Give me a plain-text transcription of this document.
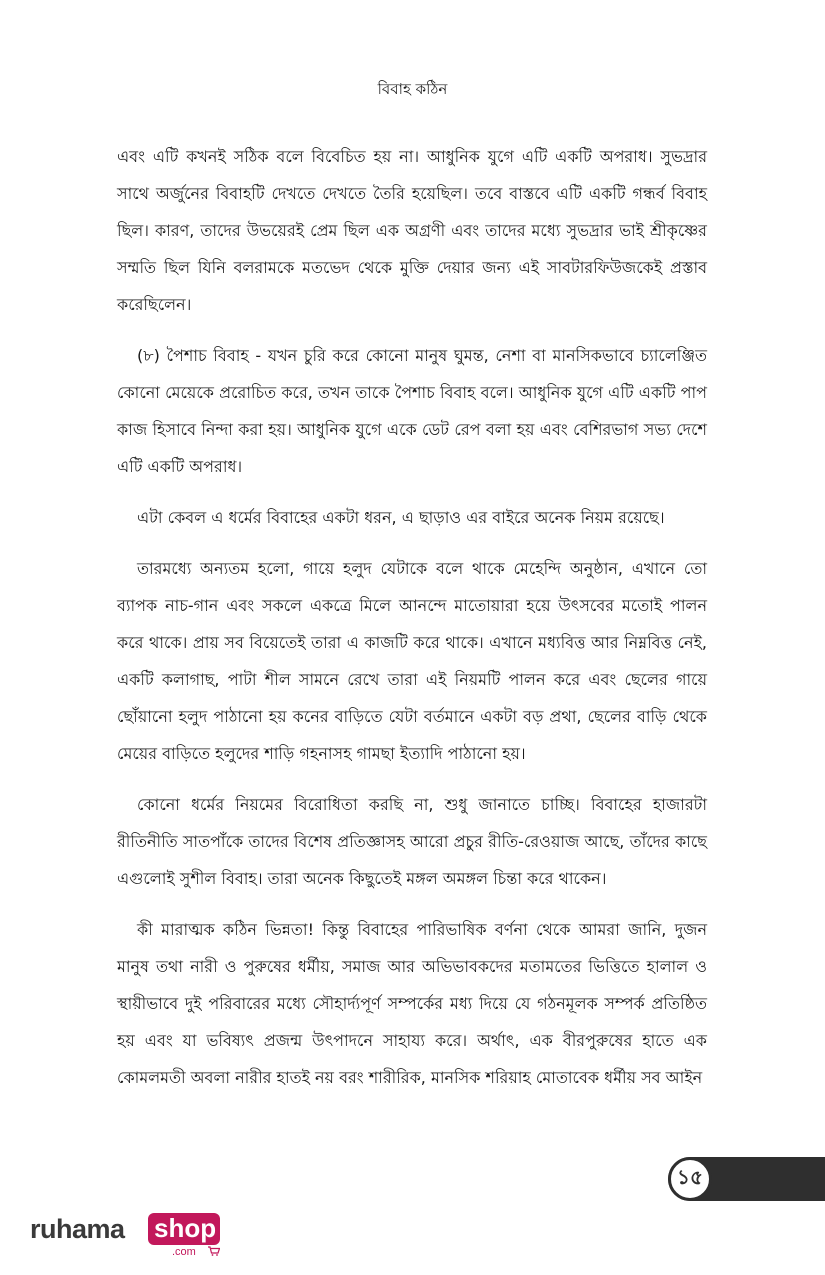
বিবাহ কঠিন

এবং এটি কখনই সঠিক বলে বিবেচিত হয় না। আধুনিক যুগে এটি একটি অপরাধ। সুভদ্রার সাথে অর্জুনের বিবাহটি দেখতে দেখতে তৈরি হয়েছিল। তবে বাস্তবে এটি একটি গন্ধর্ব বিবাহ ছিল। কারণ, তাদের উভয়েরই প্রেম ছিল এক অগ্রণী এবং তাদের মধ্যে সুভদ্রার ভাই শ্রীকৃষ্ণের সম্মতি ছিল যিনি বলরামকে মতভেদ থেকে মুক্তি দেয়ার জন্য এই সাবটারফিউজকেই প্রস্তাব করেছিলেন।

(৮) পৈশাচ বিবাহ - যখন চুরি করে কোনো মানুষ ঘুমন্ত, নেশা বা মানসিকভাবে চ্যালেঞ্জিত কোনো মেয়েকে প্ররোচিত করে, তখন তাকে পৈশাচ বিবাহ বলে। আধুনিক যুগে এটি একটি পাপ কাজ হিসাবে নিন্দা করা হয়। আধুনিক যুগে একে ডেট রেপ বলা হয় এবং বেশিরভাগ সভ্য দেশে এটি একটি অপরাধ।

এটা কেবল এ ধর্মের বিবাহের একটা ধরন, এ ছাড়াও এর বাইরে অনেক নিয়ম রয়েছে।

তারমধ্যে অন্যতম হলো, গায়ে হলুদ যেটাকে বলে থাকে মেহেন্দি অনুষ্ঠান, এখানে তো ব্যাপক নাচ-গান এবং সকলে একত্রে মিলে আনন্দে মাতোয়ারা হয়ে উৎসবের মতোই পালন করে থাকে। প্রায় সব বিয়েতেই তারা এ কাজটি করে থাকে। এখানে মধ্যবিত্ত আর নিম্নবিত্ত নেই, একটি কলাগাছ, পাটা শীল সামনে রেখে তারা এই নিয়মটি পালন করে এবং ছেলের গায়ে ছোঁয়ানো হলুদ পাঠানো হয় কনের বাড়িতে যেটা বর্তমানে একটা বড় প্রথা, ছেলের বাড়ি থেকে মেয়ের বাড়িতে হলুদের শাড়ি গহনাসহ গামছা ইত্যাদি পাঠানো হয়।

কোনো ধর্মের নিয়মের বিরোধিতা করছি না, শুধু জানাতে চাচ্ছি। বিবাহের হাজারটা রীতিনীতি সাতপাঁকে তাদের বিশেষ প্রতিজ্ঞাসহ আরো প্রচুর রীতি-রেওয়াজ আছে, তাঁদের কাছে এগুলোই সুশীল বিবাহ। তারা অনেক কিছুতেই মঙ্গল অমঙ্গল চিন্তা করে থাকেন।

কী মারাত্মক কঠিন ভিন্নতা! কিন্তু বিবাহের পারিভাষিক বর্ণনা থেকে আমরা জানি, দুজন মানুষ তথা নারী ও পুরুষের ধর্মীয়, সমাজ আর অভিভাবকদের মতামতের ভিত্তিতে হালাল ও স্থায়ীভাবে দুই পরিবারের মধ্যে সৌহার্দ্যপূর্ণ সম্পর্কের মধ্য দিয়ে যে গঠনমূলক সম্পর্ক প্রতিষ্ঠিত হয় এবং যা ভবিষ্যৎ প্রজন্ম উৎপাদনে সাহায্য করে। অর্থাৎ, এক বীরপুরুষের হাতে এক কোমলমতী অবলা নারীর হাতই নয় বরং শারীরিক, মানসিক শরিয়াহ মোতাবেক ধর্মীয় সব আইন

১৫
ruhama shop
.com
